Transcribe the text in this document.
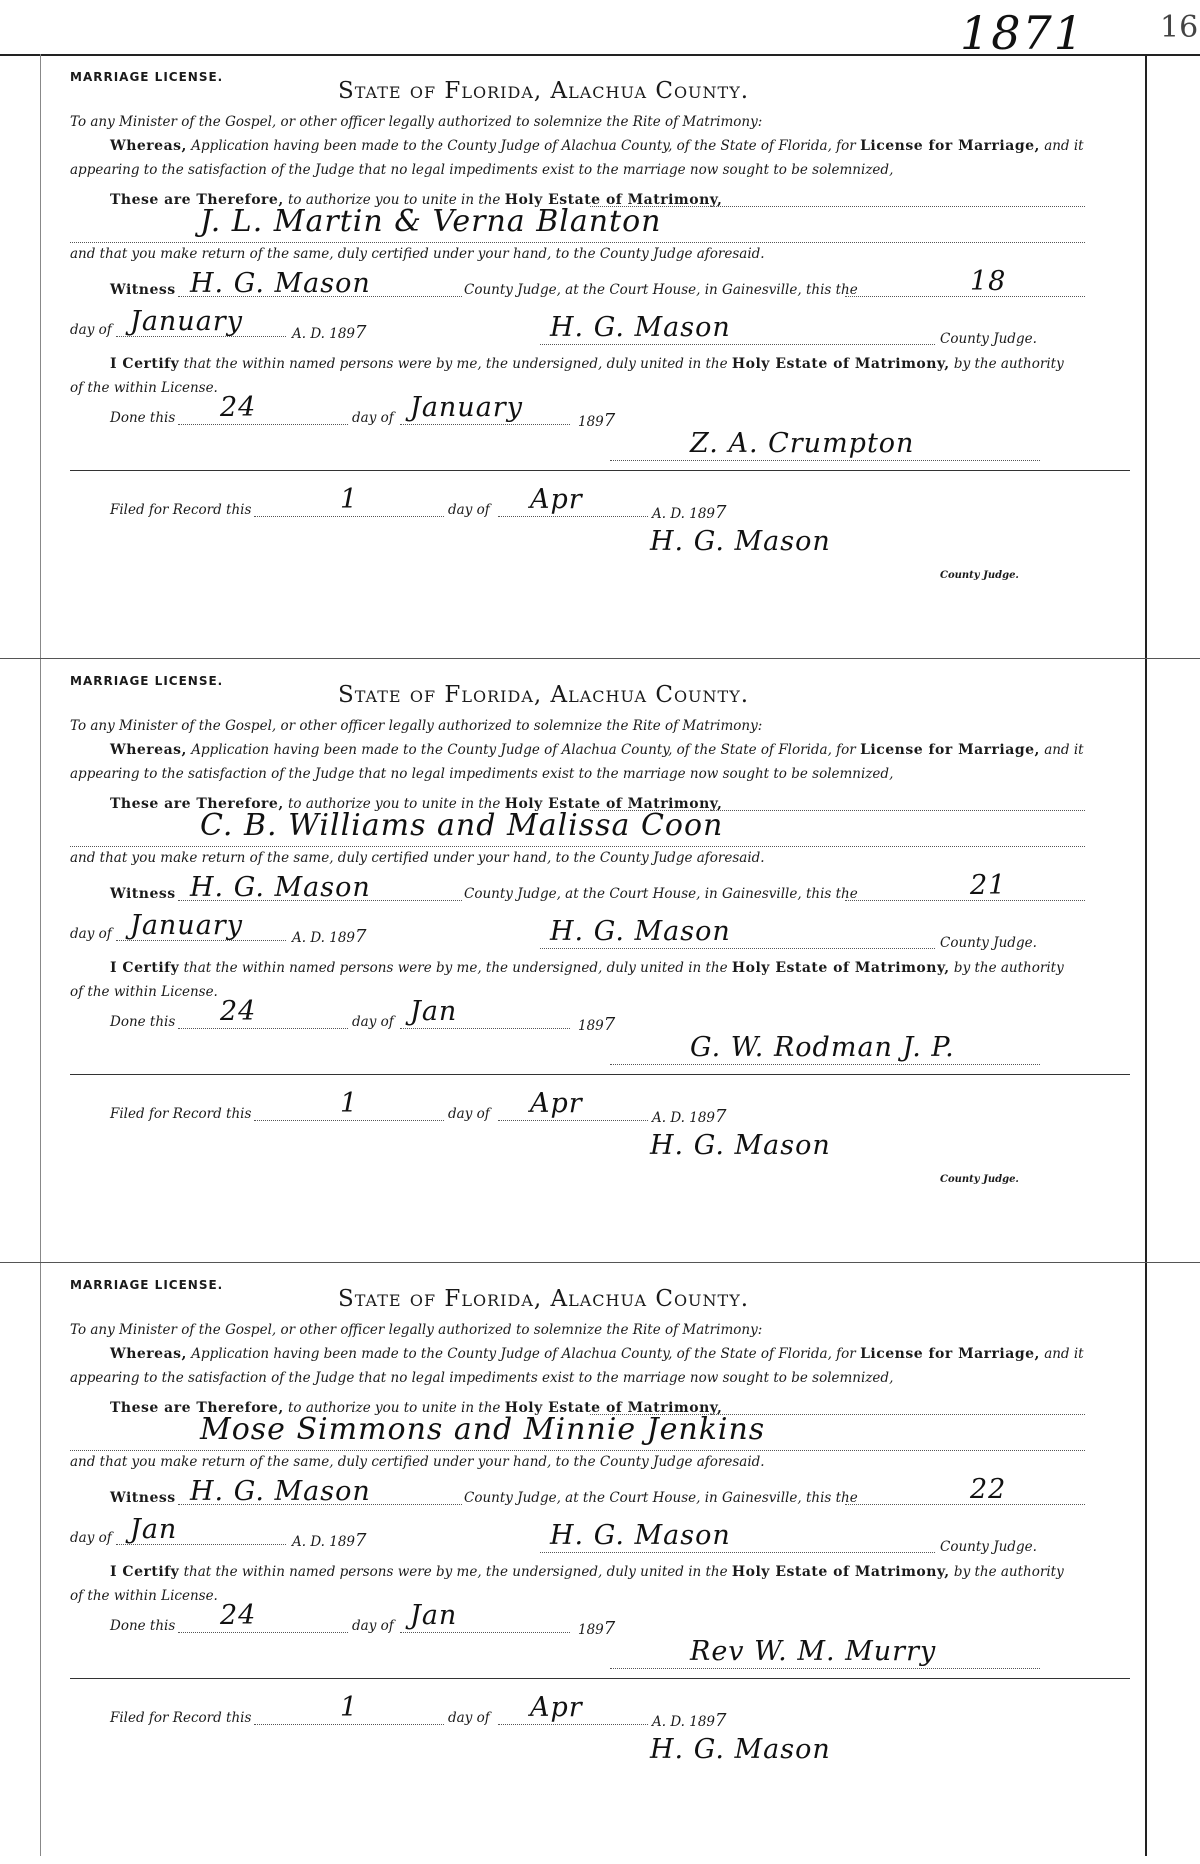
1871 16
MARRIAGE LICENSE.
State of Florida, Alachua County.
To any Minister of the Gospel, or other officer legally authorized to solemnize the Rite of Matrimony:
Whereas, Application having been made to the County Judge of Alachua County, of the State of Florida, for License for Marriage, and it
appearing to the satisfaction of the Judge that no legal impediments exist to the marriage now sought to be solemnized,
These are Therefore, to authorize you to unite in the Holy Estate of Matrimony,
J. L. Martin & Verna Blanton
and that you make return of the same, duly certified under your hand, to the County Judge aforesaid.
Witness H. G. Mason	County Judge, at the Court House, in Gainesville, this the	18
day of January	A. D. 1897	H. G. Mason	County Judge.
I Certify that the within named persons were by me, the undersigned, duly united in the Holy Estate of Matrimony, by the authority
of the within License.
Done this 24	day of January	1897
Z. A. Crumpton
Filed for Record this	1	day of Apr	A. D. 1897
H. G. Mason
County Judge.
MARRIAGE LICENSE.
State of Florida, Alachua County.
To any Minister of the Gospel, or other officer legally authorized to solemnize the Rite of Matrimony:
Whereas, Application having been made to the County Judge of Alachua County, of the State of Florida, for License for Marriage, and it
appearing to the satisfaction of the Judge that no legal impediments exist to the marriage now sought to be solemnized,
These are Therefore, to authorize you to unite in the Holy Estate of Matrimony,
C. B. Williams and Malissa Coon
and that you make return of the same, duly certified under your hand, to the County Judge aforesaid.
Witness H. G. Mason	County Judge, at the Court House, in Gainesville, this the	21
day of January	A. D. 1897	H. G. Mason	County Judge.
I Certify that the within named persons were by me, the undersigned, duly united in the Holy Estate of Matrimony, by the authority
of the within License.
Done this 24	day of Jan	1897
G. W. Rodman J. P.
Filed for Record this	1	day of Apr	A. D. 1897
H. G. Mason
County Judge.
MARRIAGE LICENSE.
State of Florida, Alachua County.
To any Minister of the Gospel, or other officer legally authorized to solemnize the Rite of Matrimony:
Whereas, Application having been made to the County Judge of Alachua County, of the State of Florida, for License for Marriage, and it
appearing to the satisfaction of the Judge that no legal impediments exist to the marriage now sought to be solemnized,
These are Therefore, to authorize you to unite in the Holy Estate of Matrimony,
Mose Simmons and Minnie Jenkins
and that you make return of the same, duly certified under your hand, to the County Judge aforesaid.
Witness H. G. Mason	County Judge, at the Court House, in Gainesville, this the	22
day of Jan	A. D. 1897	H. G. Mason	County Judge.
I Certify that the within named persons were by me, the undersigned, duly united in the Holy Estate of Matrimony, by the authority
of the within License.
Done this 24	day of Jan	1897
Rev W. M. Murry
Filed for Record this	1	day of Apr	A. D. 1897
H. G. Mason
